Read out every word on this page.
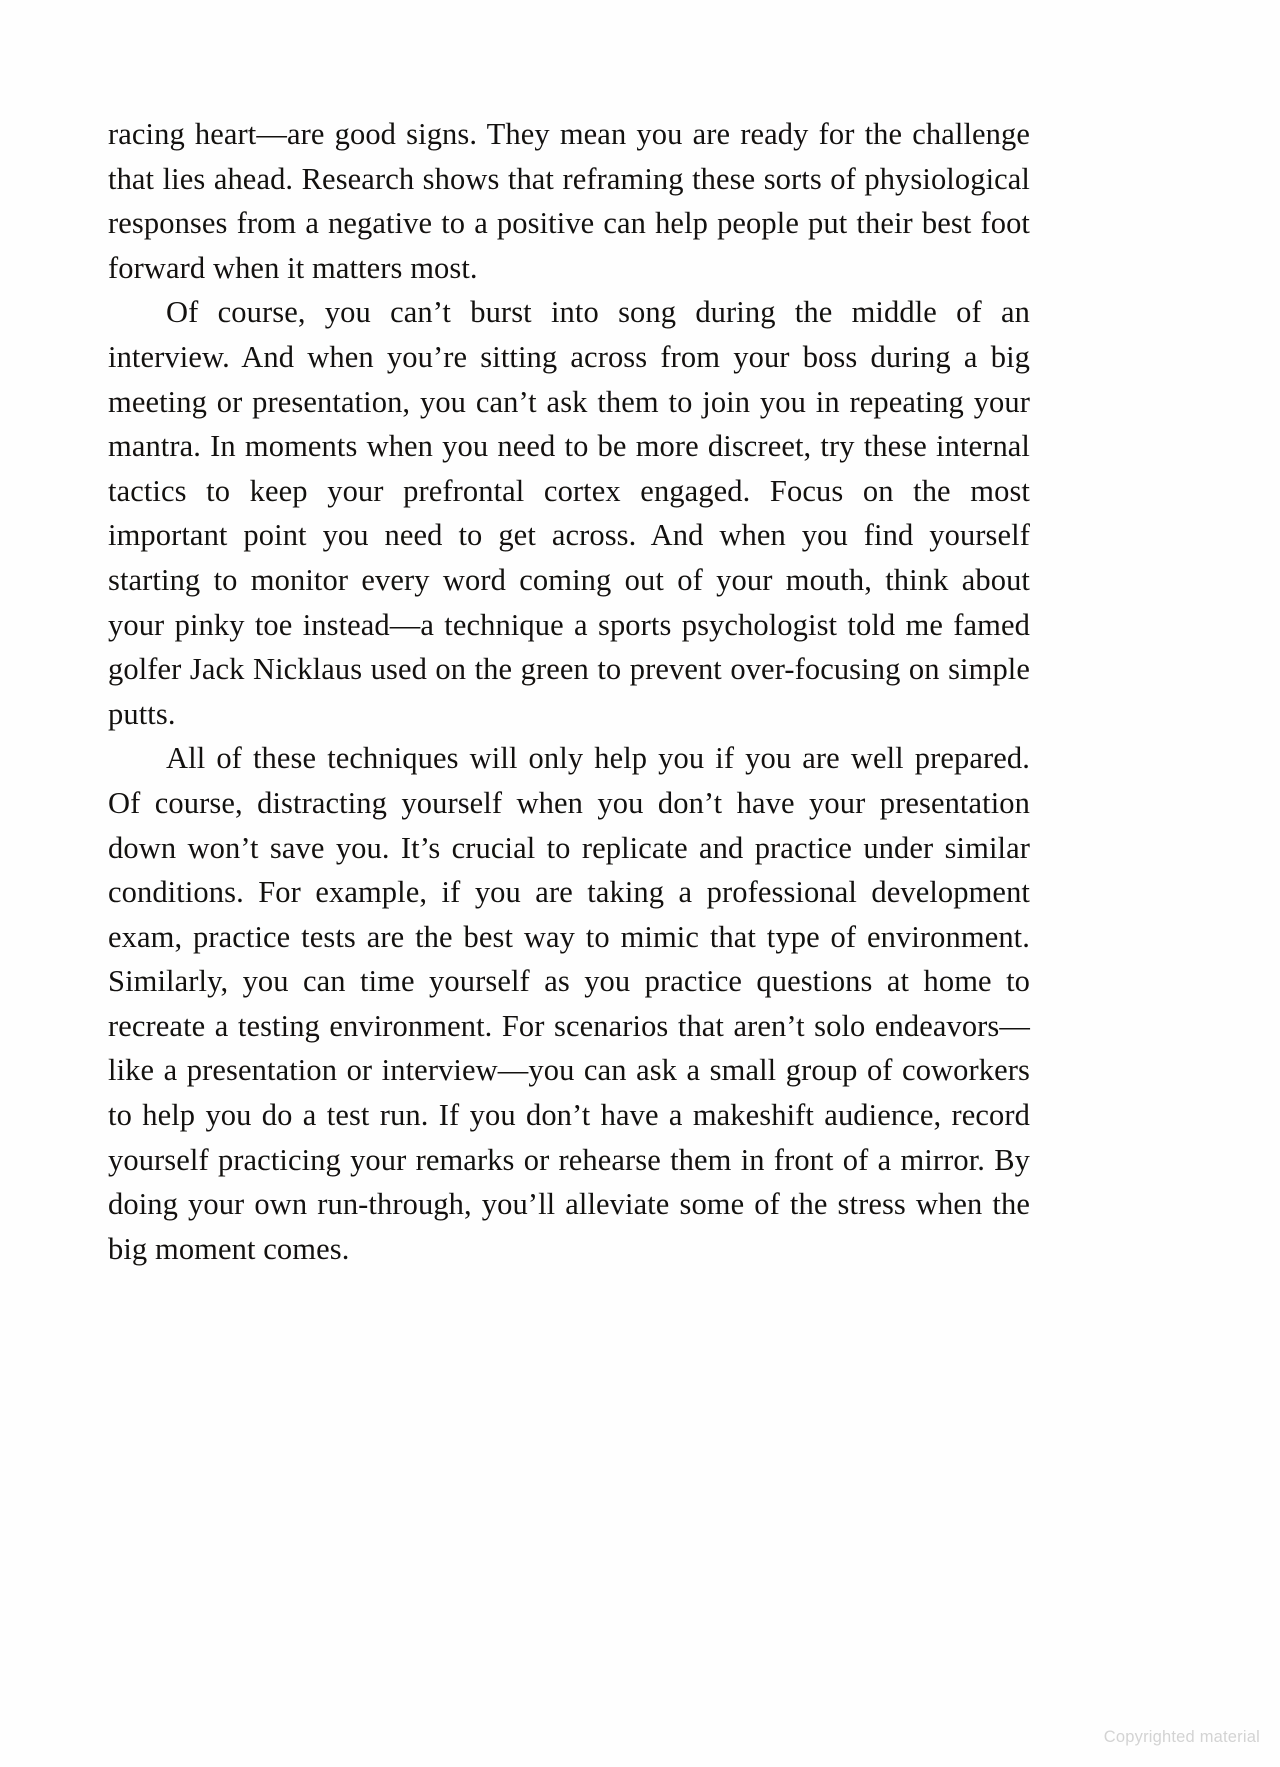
racing heart—are good signs. They mean you are ready for the challenge that lies ahead. Research shows that reframing these sorts of physiological responses from a negative to a positive can help people put their best foot forward when it matters most.

Of course, you can’t burst into song during the middle of an interview. And when you’re sitting across from your boss during a big meeting or presentation, you can’t ask them to join you in repeating your mantra. In moments when you need to be more discreet, try these internal tactics to keep your prefrontal cortex engaged. Focus on the most important point you need to get across. And when you find yourself starting to monitor every word coming out of your mouth, think about your pinky toe instead—a technique a sports psychologist told me famed golfer Jack Nicklaus used on the green to prevent over-focusing on simple putts.

All of these techniques will only help you if you are well prepared. Of course, distracting yourself when you don’t have your presentation down won’t save you. It’s crucial to replicate and practice under similar conditions. For example, if you are taking a professional development exam, practice tests are the best way to mimic that type of environment. Similarly, you can time yourself as you practice questions at home to recreate a testing environment. For scenarios that aren’t solo endeavors—like a presentation or interview—you can ask a small group of coworkers to help you do a test run. If you don’t have a makeshift audience, record yourself practicing your remarks or rehearse them in front of a mirror. By doing your own run-through, you’ll alleviate some of the stress when the big moment comes.

Copyrighted material
